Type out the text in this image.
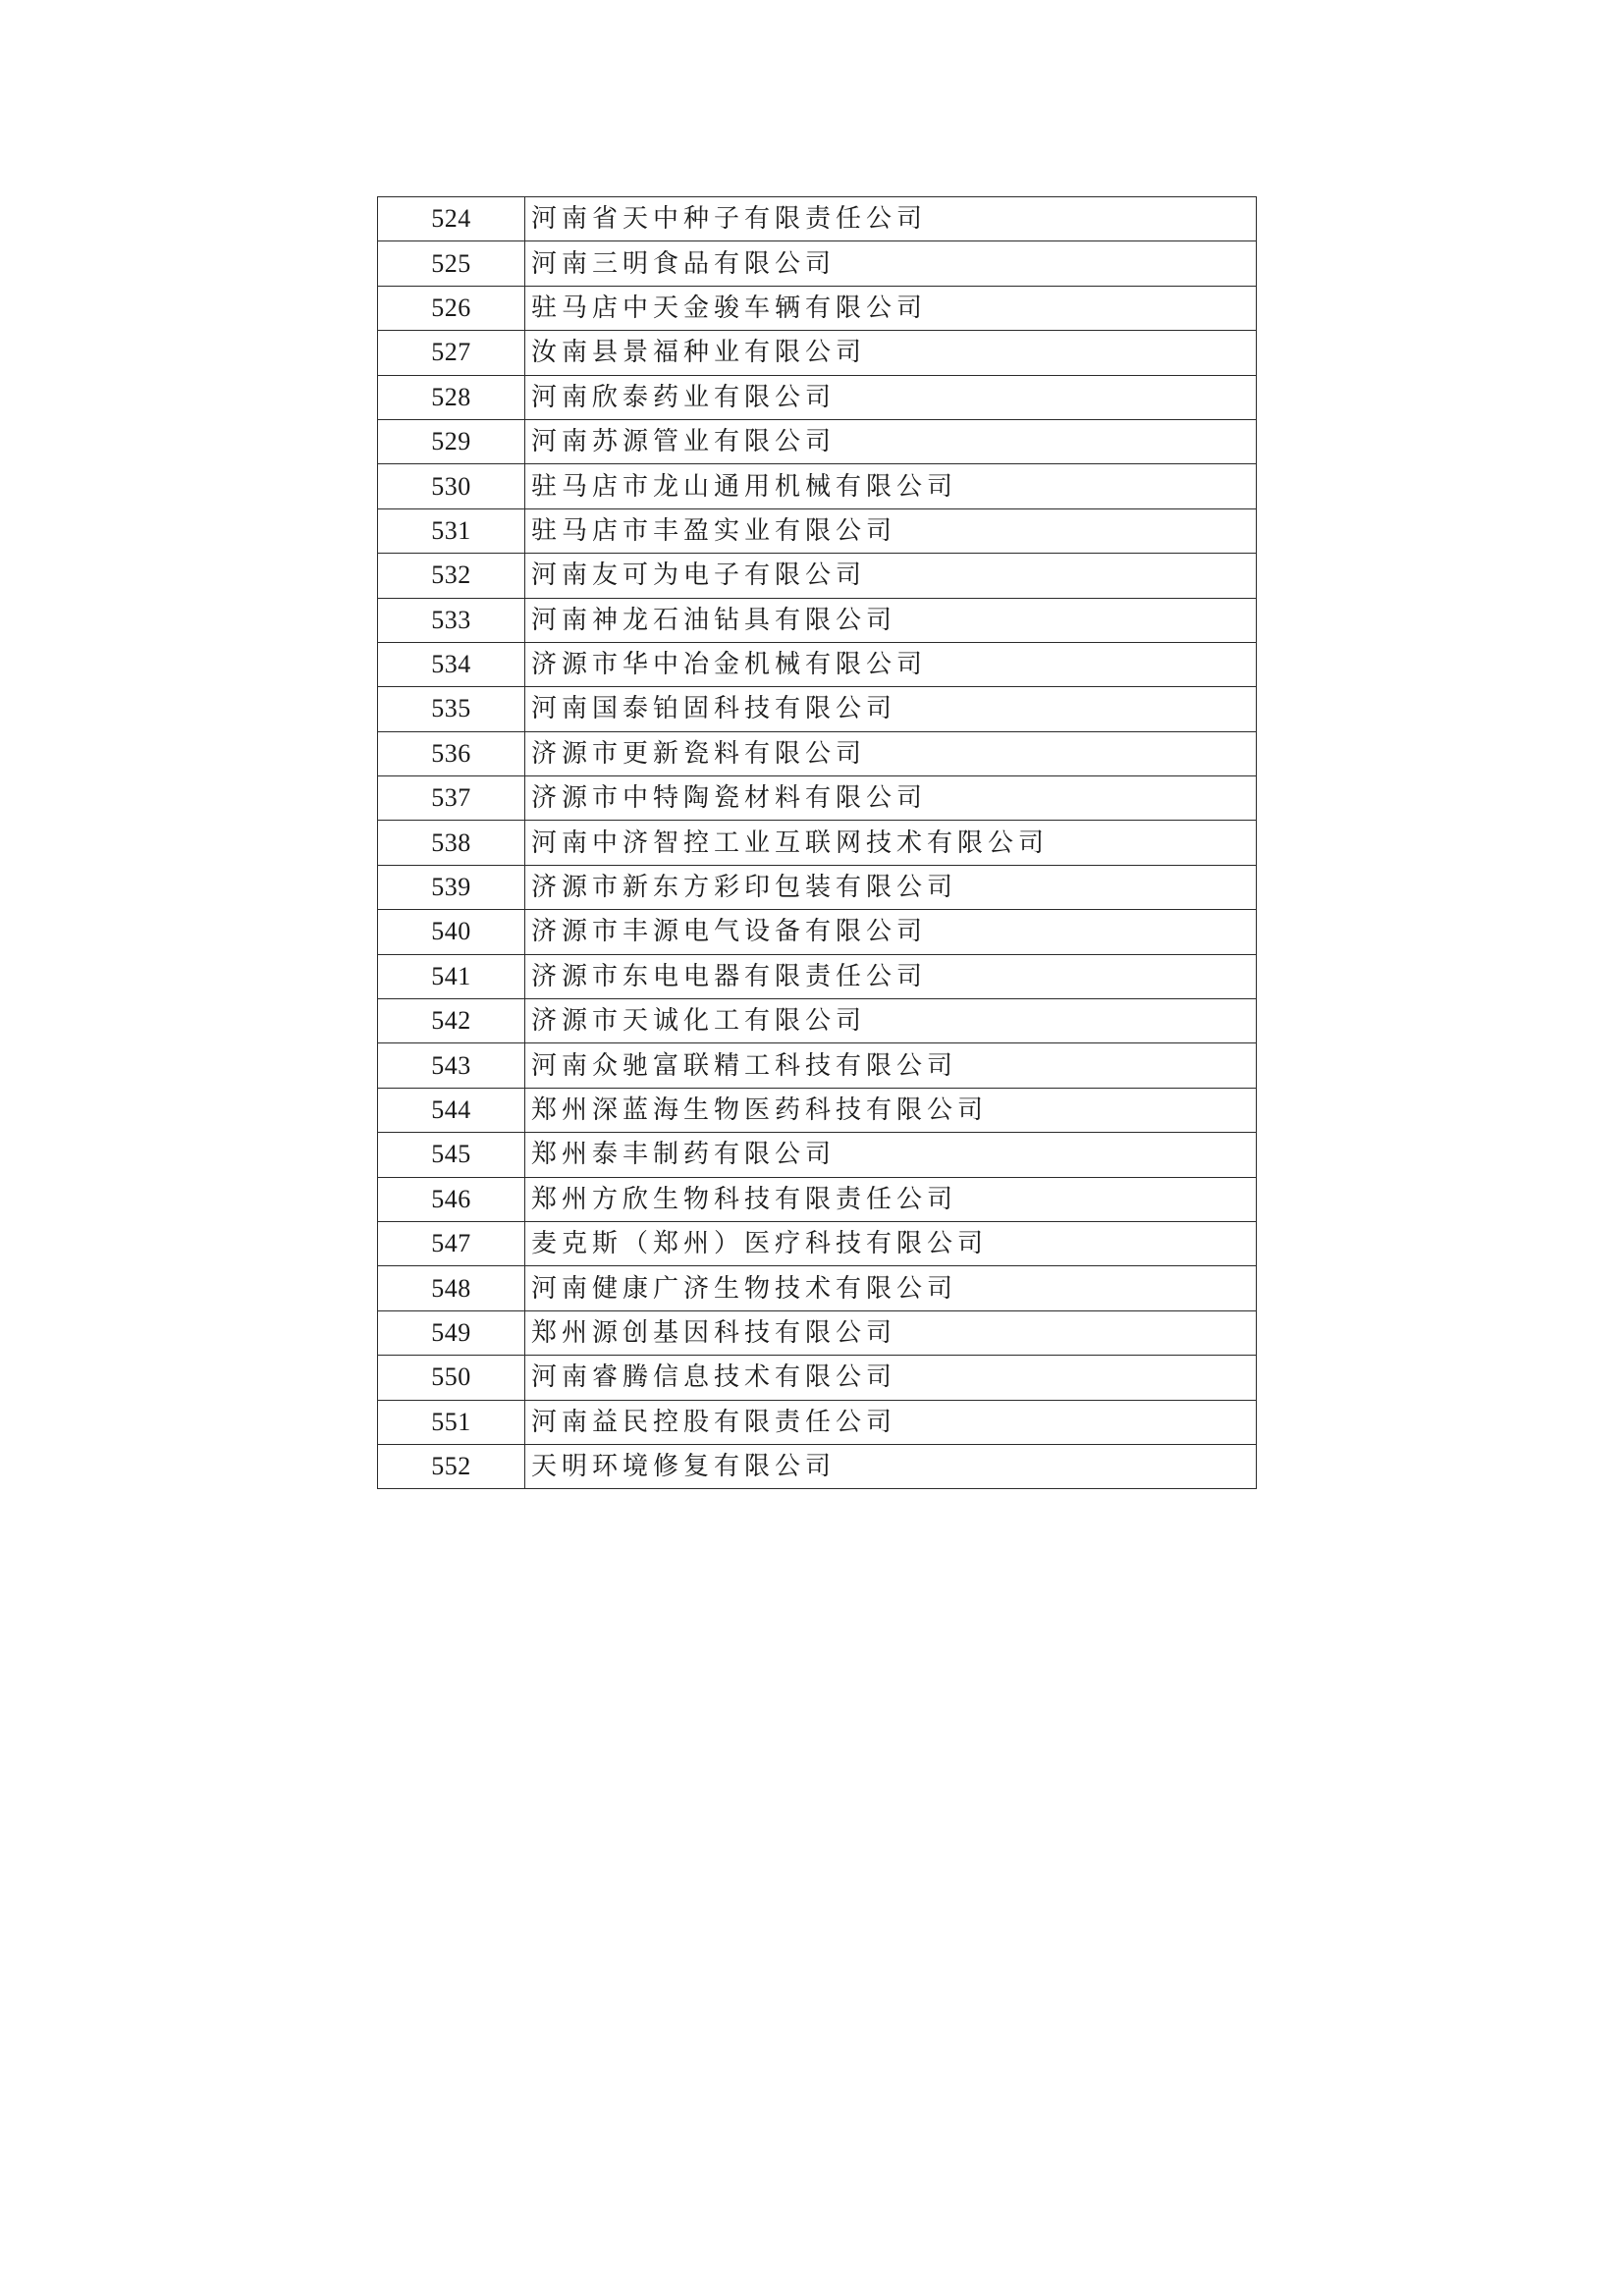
524	河南省天中种子有限责任公司
525	河南三明食品有限公司
526	驻马店中天金骏车辆有限公司
527	汝南县景福种业有限公司
528	河南欣泰药业有限公司
529	河南苏源管业有限公司
530	驻马店市龙山通用机械有限公司
531	驻马店市丰盈实业有限公司
532	河南友可为电子有限公司
533	河南神龙石油钻具有限公司
534	济源市华中冶金机械有限公司
535	河南国泰铂固科技有限公司
536	济源市更新瓷料有限公司
537	济源市中特陶瓷材料有限公司
538	河南中济智控工业互联网技术有限公司
539	济源市新东方彩印包装有限公司
540	济源市丰源电气设备有限公司
541	济源市东电电器有限责任公司
542	济源市天诚化工有限公司
543	河南众驰富联精工科技有限公司
544	郑州深蓝海生物医药科技有限公司
545	郑州泰丰制药有限公司
546	郑州方欣生物科技有限责任公司
547	麦克斯（郑州）医疗科技有限公司
548	河南健康广济生物技术有限公司
549	郑州源创基因科技有限公司
550	河南睿腾信息技术有限公司
551	河南益民控股有限责任公司
552	天明环境修复有限公司
